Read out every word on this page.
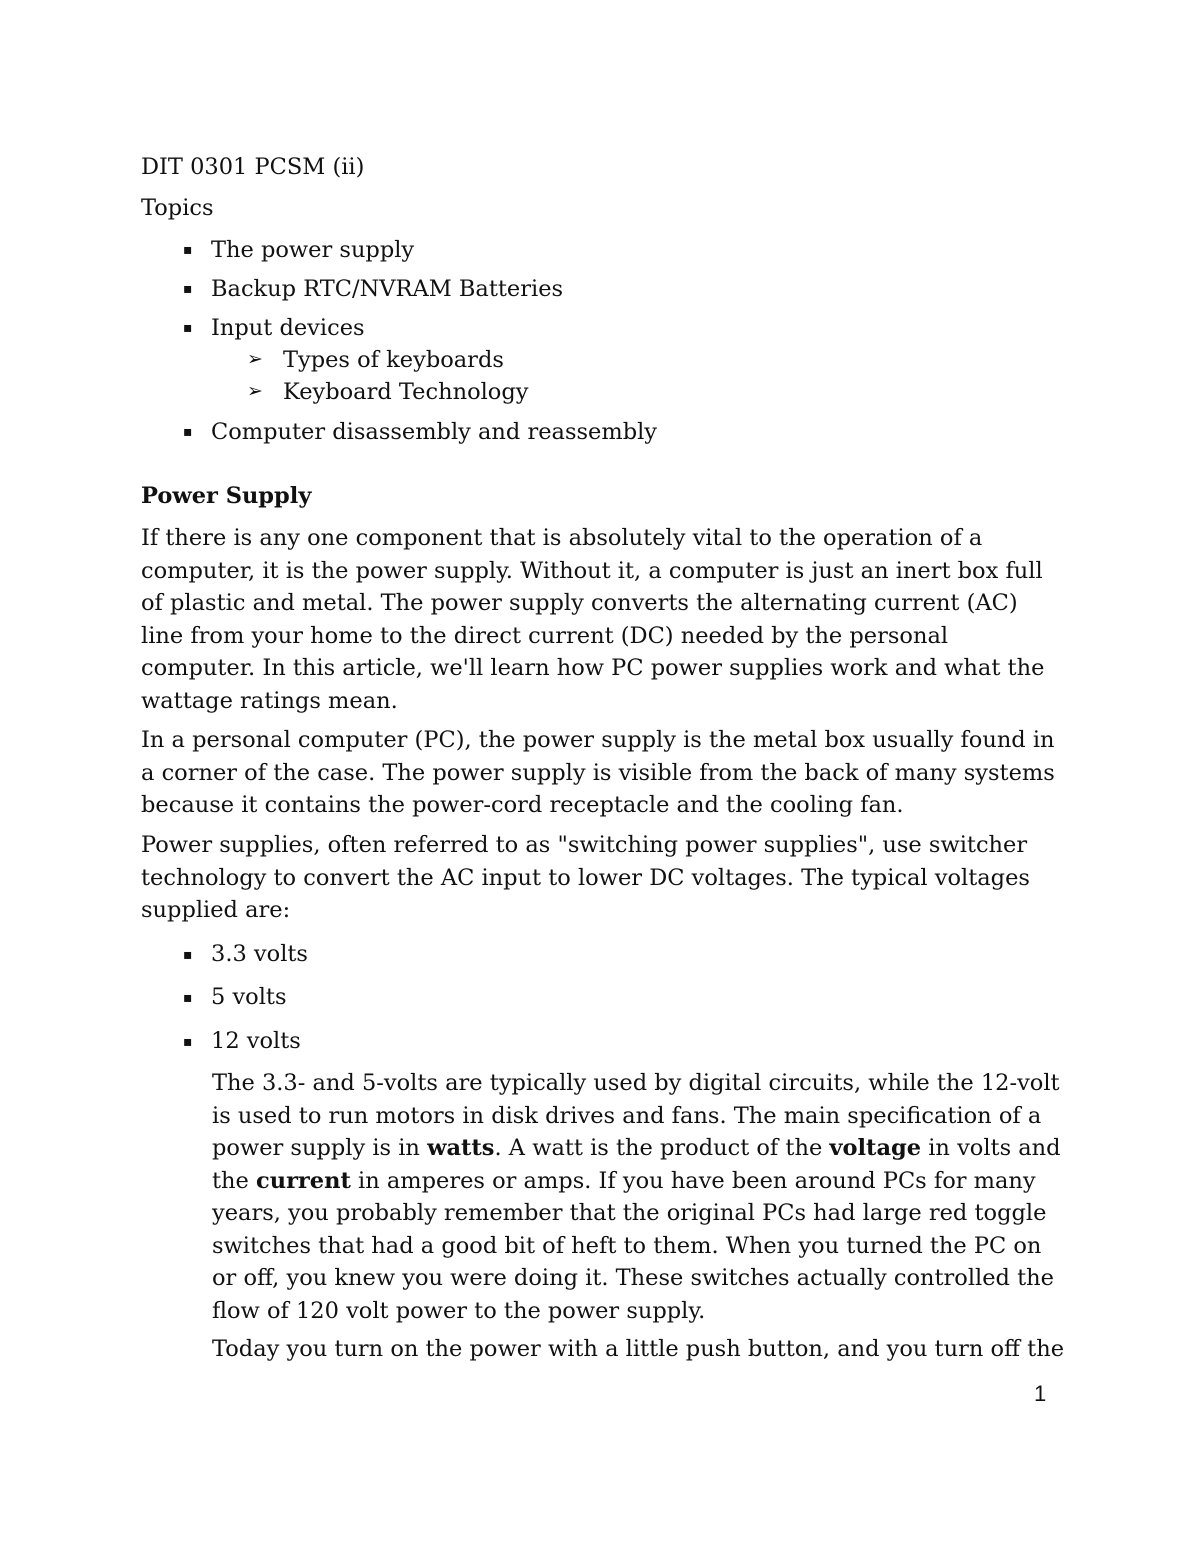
DIT 0301 PCSM (ii)
Topics
▪ The power supply
▪ Backup RTC/NVRAM Batteries
▪ Input devices
➢ Types of keyboards
➢ Keyboard Technology
▪ Computer disassembly and reassembly
Power Supply
If there is any one component that is absolutely vital to the operation of a computer, it is the power supply. Without it, a computer is just an inert box full of plastic and metal. The power supply converts the alternating current (AC) line from your home to the direct current (DC) needed by the personal computer. In this article, we'll learn how PC power supplies work and what the wattage ratings mean.
In a personal computer (PC), the power supply is the metal box usually found in a corner of the case. The power supply is visible from the back of many systems because it contains the power-cord receptacle and the cooling fan.
Power supplies, often referred to as "switching power supplies", use switcher technology to convert the AC input to lower DC voltages. The typical voltages supplied are:
▪ 3.3 volts
▪ 5 volts
▪ 12 volts
The 3.3- and 5-volts are typically used by digital circuits, while the 12-volt is used to run motors in disk drives and fans. The main specification of a power supply is in watts. A watt is the product of the voltage in volts and the current in amperes or amps. If you have been around PCs for many years, you probably remember that the original PCs had large red toggle switches that had a good bit of heft to them. When you turned the PC on or off, you knew you were doing it. These switches actually controlled the flow of 120 volt power to the power supply.
Today you turn on the power with a little push button, and you turn off the
1
